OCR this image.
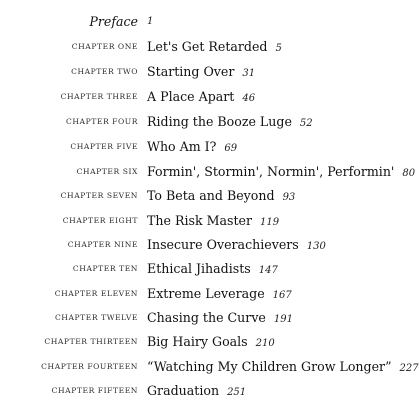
Preface 1
CHAPTER ONE Let's Get Retarded 5
CHAPTER TWO Starting Over 31
CHAPTER THREE A Place Apart 46
CHAPTER FOUR Riding the Booze Luge 52
CHAPTER FIVE Who Am I? 69
CHAPTER SIX Formin', Stormin', Normin', Performin' 80
CHAPTER SEVEN To Beta and Beyond 93
CHAPTER EIGHT The Risk Master 119
CHAPTER NINE Insecure Overachievers 130
CHAPTER TEN Ethical Jihadists 147
CHAPTER ELEVEN Extreme Leverage 167
CHAPTER TWELVE Chasing the Curve 191
CHAPTER THIRTEEN Big Hairy Goals 210
CHAPTER FOURTEEN “Watching My Children Grow Longer” 227
CHAPTER FIFTEEN Graduation 251
